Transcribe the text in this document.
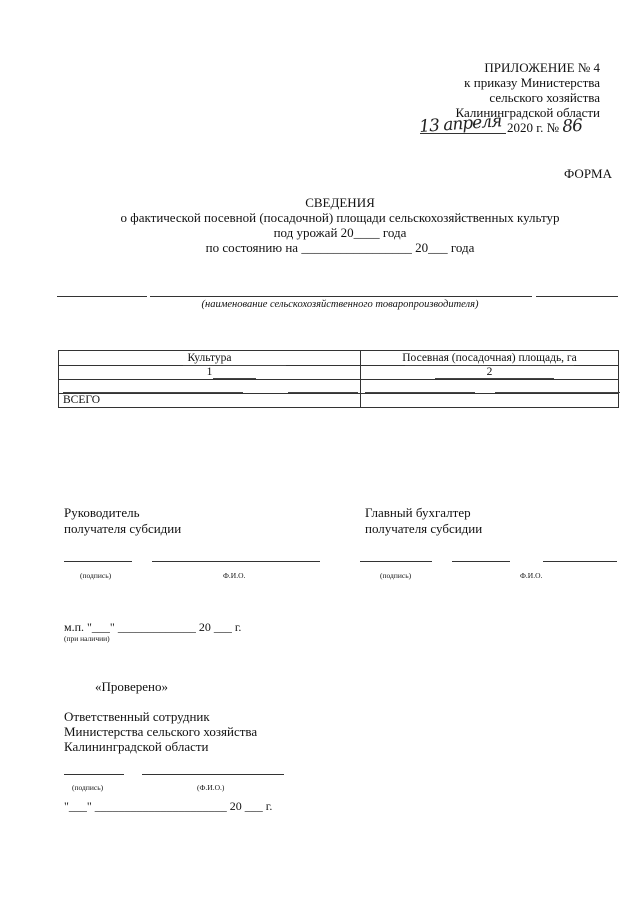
ПРИЛОЖЕНИЕ № 4
к приказу Министерства
сельского хозяйства
Калининградской области
13 апреля 2020 г. № 86
ФОРМА
СВЕДЕНИЯ
о фактической посевной (посадочной) площади сельскохозяйственных культур
под урожай 20____ года
по состоянию на _________________ 20___ года
(наименование сельскохозяйственного товаропроизводителя)
Культура	Посевная (посадочная) площадь, га

1	2

ВСЕГО	

Руководитель
получателя субсидии
Главный бухгалтер
получателя субсидии
(подпись)	Ф.И.О.	(подпись)	Ф.И.О.
м.п. "___" _____________ 20 ___ г.
(при наличии)
«Проверено»
Ответственный сотрудник
Министерства сельского хозяйства
Калининградской области
(подпись)	(Ф.И.О.)
"___" ______________________ 20 ___ г.
